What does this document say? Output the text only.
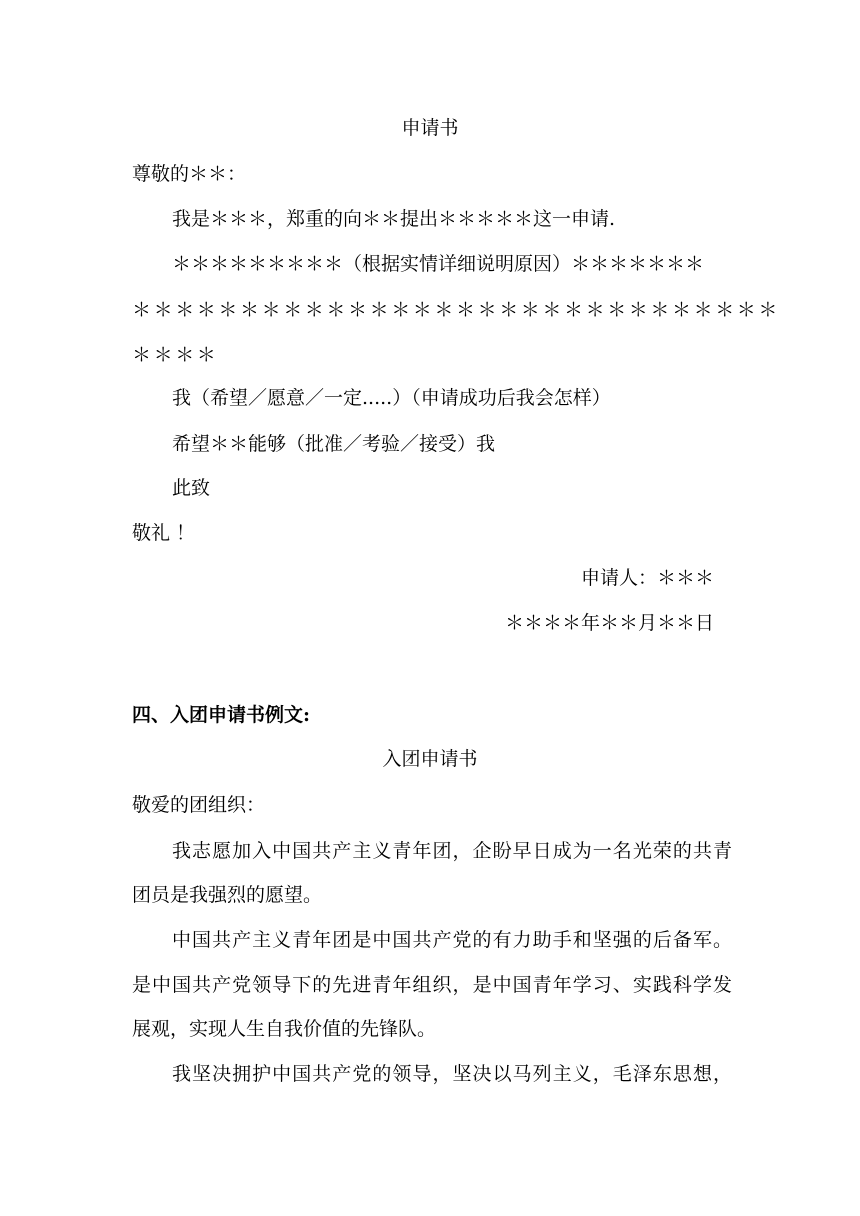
申请书
尊敬的＊＊：
我是＊＊＊，郑重的向＊＊提出＊＊＊＊＊这一申请.
＊＊＊＊＊＊＊＊＊（根据实情详细说明原因）＊＊＊＊＊＊＊
＊＊＊＊＊＊＊＊＊＊＊＊＊＊＊＊＊＊＊＊＊＊＊＊＊＊＊＊＊＊
＊＊＊＊
我（希望／愿意／一定.....）（申请成功后我会怎样）
希望＊＊能够（批准／考验／接受）我
此致
敬礼 ！
申请人：＊＊＊
＊＊＊＊年＊＊月＊＊日
四、入团申请书例文:
入团申请书
敬爱的团组织：
我志愿加入中国共产主义青年团，企盼早日成为一名光荣的共青
团员是我强烈的愿望。
中国共产主义青年团是中国共产党的有力助手和坚强的后备军。
是中国共产党领导下的先进青年组织，是中国青年学习、实践科学发
展观，实现人生自我价值的先锋队。
我坚决拥护中国共产党的领导，坚决以马列主义，毛泽东思想，
